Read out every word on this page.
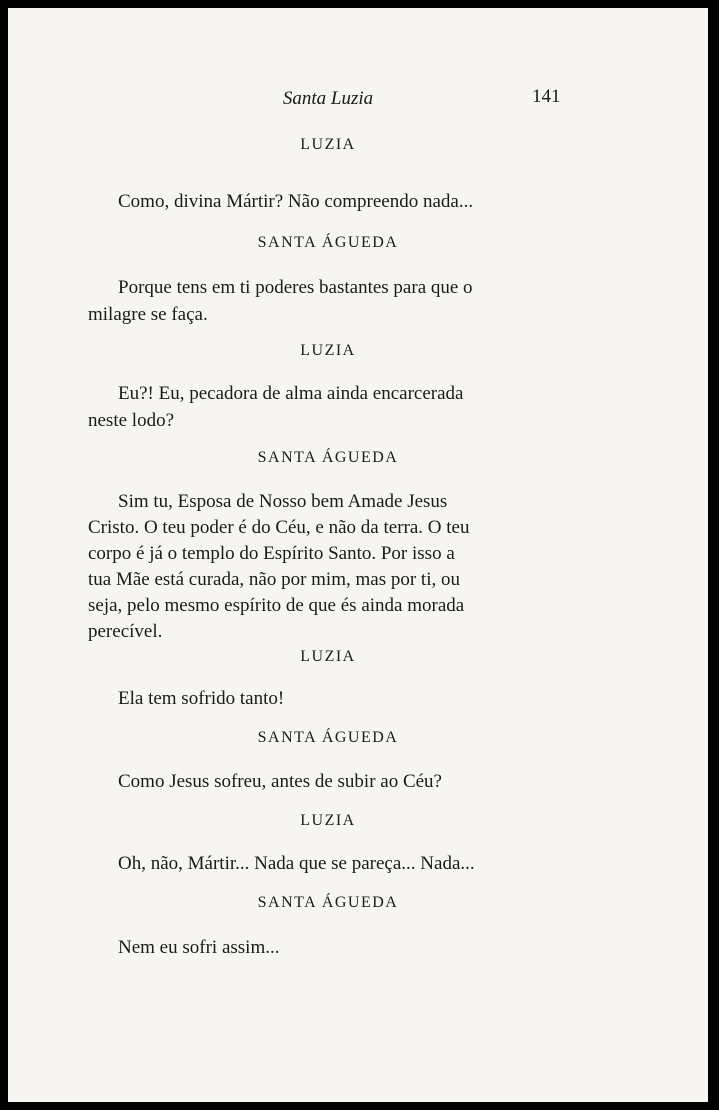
Santa Luzia	141
LUZIA
Como, divina Mártir? Não compreendo nada...
SANTA ÁGUEDA
Porque tens em ti poderes bastantes para que o
milagre se faça.
LUZIA
Eu?! Eu, pecadora de alma ainda encarcerada
neste lodo?
SANTA ÁGUEDA
Sim tu, Esposa de Nosso bem Amade Jesus
Cristo. O teu poder é do Céu, e não da terra. O teu
corpo é já o templo do Espírito Santo. Por isso a
tua Mãe está curada, não por mim, mas por ti, ou
seja, pelo mesmo espírito de que és ainda morada
perecível.
LUZIA
Ela tem sofrido tanto!
SANTA ÁGUEDA
Como Jesus sofreu, antes de subir ao Céu?
LUZIA
Oh, não, Mártir... Nada que se pareça... Nada...
SANTA ÁGUEDA
Nem eu sofri assim...
